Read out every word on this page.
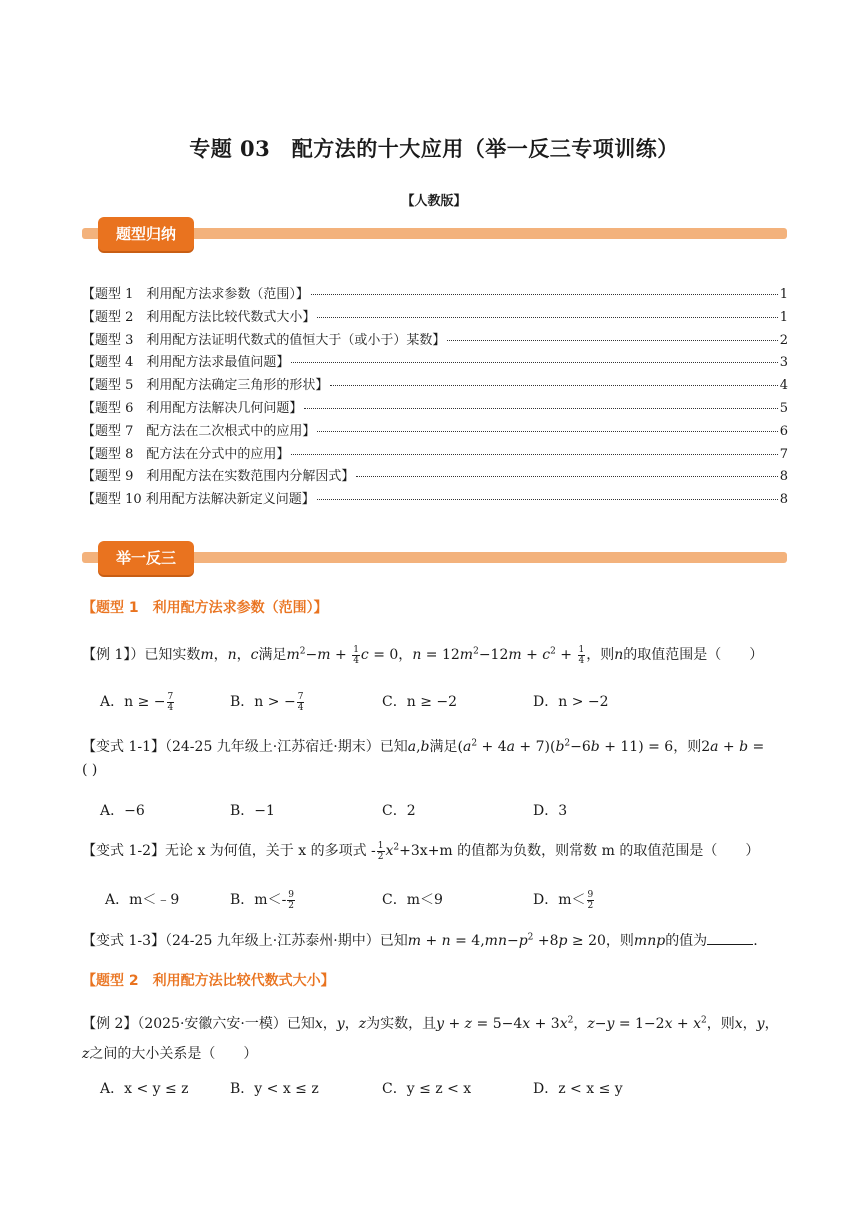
专题 03　配方法的十大应用（举一反三专项训练）
【人教版】
题型归纳
【题型 1　利用配方法求参数（范围）】	1
【题型 2　利用配方法比较代数式大小】	1
【题型 3　利用配方法证明代数式的值恒大于（或小于）某数】	2
【题型 4　利用配方法求最值问题】	3
【题型 5　利用配方法确定三角形的形状】	4
【题型 6　利用配方法解决几何问题】	5
【题型 7　配方法在二次根式中的应用】	6
【题型 8　配方法在分式中的应用】	7
【题型 9　利用配方法在实数范围内分解因式】	8
【题型 10 利用配方法解决新定义问题】	8
举一反三
【题型 1　利用配方法求参数（范围）】
【例 1】）已知实数m，n，c满足$m^2-m + \frac{1}{4}$ c = 0，$n = 12m^2-12m + c^2 + \frac{1}{4}$ ，则n的取值范围是（　　）
A．n ≥ − $\frac{7}{4}$	B．n > − $\frac{7}{4}$	C．n ≥ −2	D．n > −2
【变式 1-1】（24-25 九年级上·江苏宿迁·期末）已知a,b满足$(a^2 + 4a + 7)(b^2-6b + 11) = 6$，则2a + b =
( )
A．−6	B．−1	C．2	D．3
【变式 1-2】无论 x 为何值，关于 x 的多项式 - $\frac{1}{2} x^2+3x+m$ 的值都为负数，则常数 m 的取值范围是（　　）
A．m＜﹣9	B．$m<- \frac{9}{2}$	C．m＜9	D．$m< \frac{9}{2}$
【变式 1-3】（24-25 九年级上·江苏泰州·期中）已知$m + n = 4,mn-p^2 +8p \ge 20$，则mnp的值为	.
【题型 2　利用配方法比较代数式大小】
【例 2】（2025·安徽六安·一模）已知x，y，z为实数，且$y + z = 5-4x + 3x^2$，$z-y = 1-2x + x^2$，则x，y，
z之间的大小关系是（　　）
A．x < y ≤ z	B．y < x ≤ z	C．y ≤ z < x	D．z < x ≤ y
